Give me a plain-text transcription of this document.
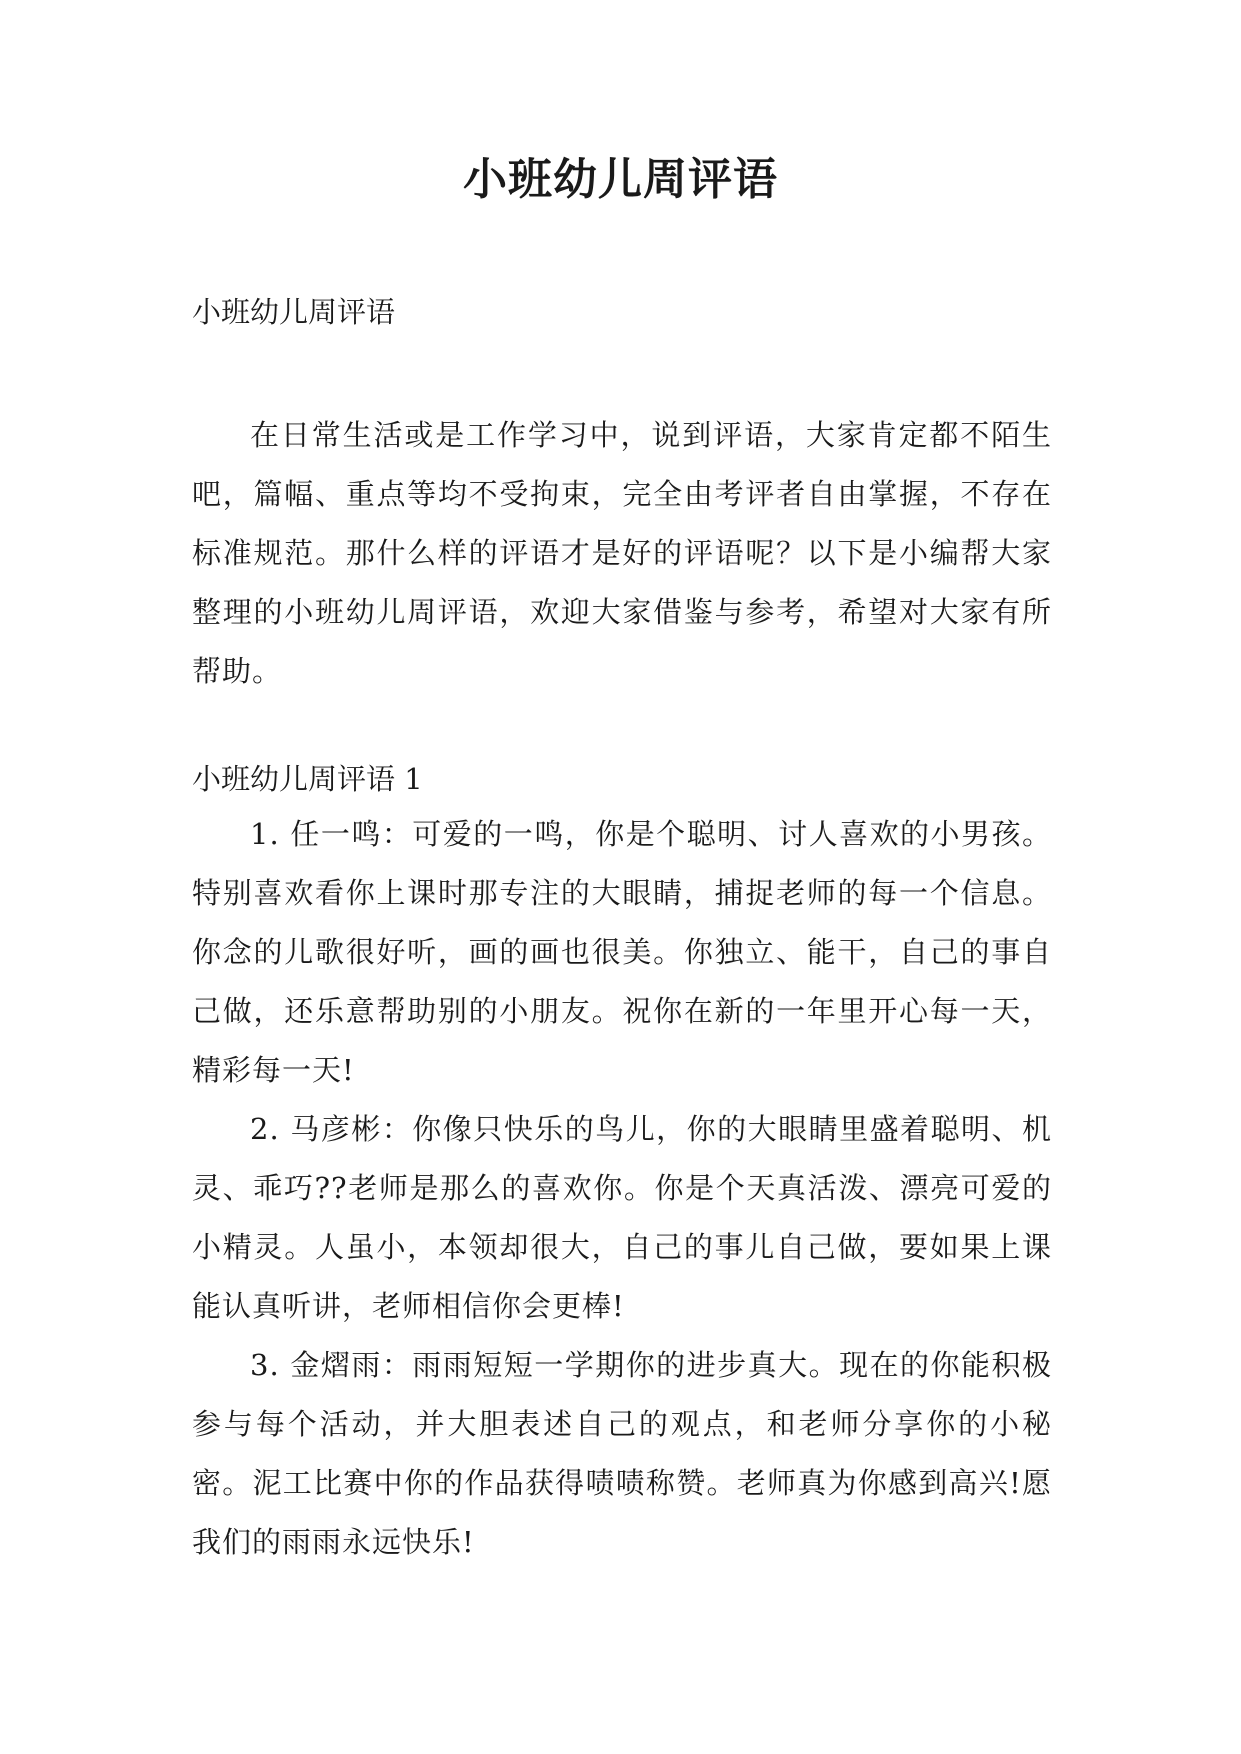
小班幼儿周评语

小班幼儿周评语

在日常生活或是工作学习中，说到评语，大家肯定都不陌生吧，篇幅、重点等均不受拘束，完全由考评者自由掌握，不存在标准规范。那什么样的评语才是好的评语呢？以下是小编帮大家整理的小班幼儿周评语，欢迎大家借鉴与参考，希望对大家有所帮助。

小班幼儿周评语 1

1. 任一鸣：可爱的一鸣，你是个聪明、讨人喜欢的小男孩。特别喜欢看你上课时那专注的大眼睛，捕捉老师的每一个信息。你念的儿歌很好听，画的画也很美。你独立、能干，自己的事自己做，还乐意帮助别的小朋友。祝你在新的一年里开心每一天，精彩每一天!

2. 马彦彬：你像只快乐的鸟儿，你的大眼睛里盛着聪明、机灵、乖巧??老师是那么的喜欢你。你是个天真活泼、漂亮可爱的小精灵。人虽小，本领却很大，自己的事儿自己做，要如果上课能认真听讲，老师相信你会更棒!

3. 金熠雨：雨雨短短一学期你的进步真大。现在的你能积极参与每个活动，并大胆表述自己的观点，和老师分享你的小秘密。泥工比赛中你的作品获得啧啧称赞。老师真为你感到高兴!愿我们的雨雨永远快乐!
